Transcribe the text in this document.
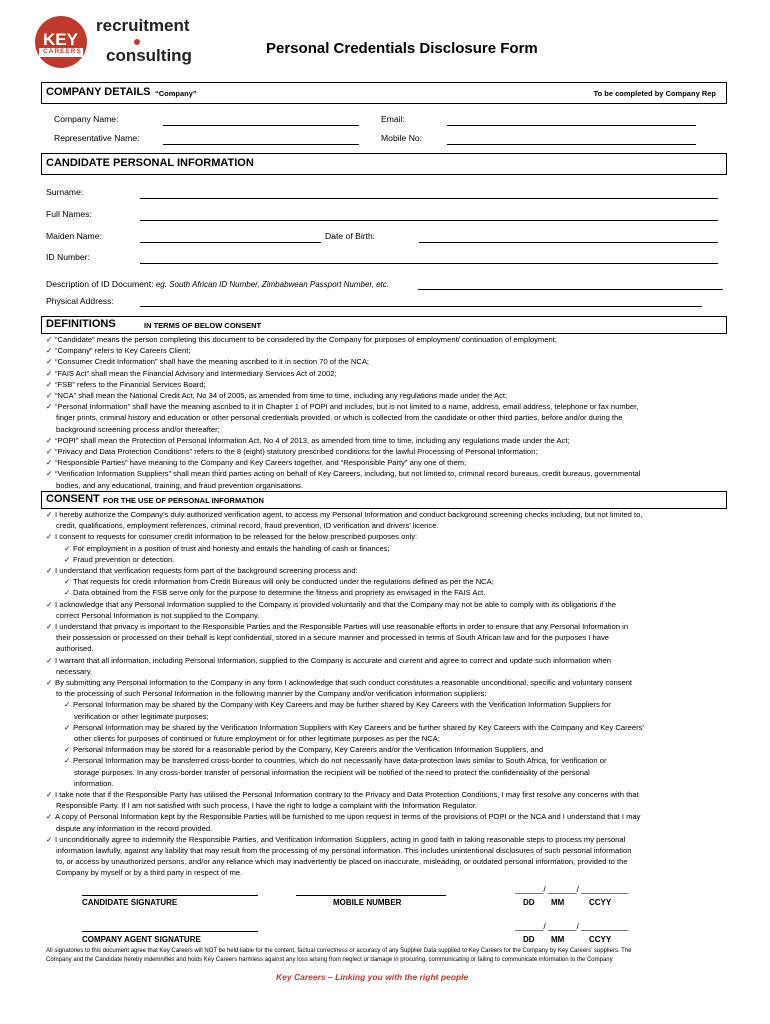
KEY
CAREERS
recruitment
consulting	Personal Credentials Disclosure Form
COMPANY DETAILS “Company”	To be completed by Company Rep
Company Name:	Email:
Representative Name:	Mobile No:
CANDIDATE PERSONAL INFORMATION
Surname:
Full Names:
Maiden Name:	Date of Birth:
ID Number:
Description of ID Document: eg. South African ID Number, Zimbabwean Passport Number, etc.
Physical Address:
DEFINITIONS	IN TERMS OF BELOW CONSENT
✓ “Candidate” means the person completing this document to be considered by the Company for purposes of employment/ continuation of employment;
✓ “Company” refers to Key Careers Client;
✓ “Consumer Credit Information” shall have the meaning ascribed to it in section 70 of the NCA;
✓ “FAIS Act” shall mean the Financial Advisory and Intermediary Services Act of 2002;
✓ “FSB” refers to the Financial Services Board;
✓ “NCA” shall mean the National Credit Act, No 34 of 2005, as amended from time to time, including any regulations made under the Act;
✓ “Personal Information” shall have the meaning ascribed to it in Chapter 1 of POPI and includes, but is not limited to a name, address, email address, telephone or fax number,
finger prints, criminal history and education or other personal credentials provided, or which is collected from the candidate or other third parties, before and/or during the
background screening process and/or thereafter;
✓ “POPI” shall mean the Protection of Personal Information Act, No 4 of 2013, as amended from time to time, including any regulations made under the Act;
✓ “Privacy and Data Protection Conditions” refers to the 8 (eight) statutory prescribed conditions for the lawful Processing of Personal Information;
✓ “Responsible Parties” have meaning to the Company and Key Careers together, and “Responsible Party” any one of them;
✓ “Verification Information Suppliers” shall mean third parties acting on behalf of Key Careers, including, but not limited to, criminal record bureaus, credit bureaus, governmental
bodies, and any educational, training, and fraud prevention organisations.
CONSENT FOR THE USE OF PERSONAL INFORMATION
✓ I hereby authorize the Company’s duly authorized verification agent, to access my Personal Information and conduct background screening checks including, but not limited to,
credit, qualifications, employment references, criminal record, fraud prevention, ID verification and drivers’ licence.
✓ I consent to requests for consumer credit information to be released for the below prescribed purposes only:
✓ For employment in a position of trust and honesty and entails the handling of cash or finances;
✓ Fraud prevention or detection.
✓ I understand that verification requests form part of the background screening process and:
✓ That requests for credit information from Credit Bureaus will only be conducted under the regulations defined as per the NCA;
✓ Data obtained from the FSB serve only for the purpose to determine the fitness and propriety as envisaged in the FAIS Act.
✓ I acknowledge that any Personal Information supplied to the Company is provided voluntarily and that the Company may not be able to comply with its obligations if the
correct Personal Information is not supplied to the Company.
✓ I understand that privacy is important to the Responsible Parties and the Responsible Parties will use reasonable efforts in order to ensure that any Personal Information in
their possession or processed on their behalf is kept confidential, stored in a secure manner and processed in terms of South African law and for the purposes I have
authorised.
✓ I warrant that all information, including Personal Information, supplied to the Company is accurate and current and agree to correct and update such information when
necessary.
✓ By submitting any Personal Information to the Company in any form I acknowledge that such conduct constitutes a reasonable unconditional, specific and voluntary consent
to the processing of such Personal Information in the following manner by the Company and/or verification information suppliers:
✓ Personal Information may be shared by the Company with Key Careers and may be further shared by Key Careers with the Verification Information Suppliers for
verification or other legitimate purposes;
✓ Personal Information may be shared by the Verification Information Suppliers with Key Careers and be further shared by Key Careers with the Company and Key Careers’
other clients for purposes of continued or future employment or for other legitimate purposes as per the NCA;
✓ Personal Information may be stored for a reasonable period by the Company, Key Careers and/or the Verification Information Suppliers, and
✓ Personal Information may be transferred cross-border to countries, which do not necessarily have data-protection laws similar to South Africa, for verification or
storage purposes. In any cross-border transfer of personal information the recipient will be notified of the need to protect the confidentiality of the personal
information.
✓ I take note that if the Responsible Party has utilised the Personal Information contrary to the Privacy and Data Protection Conditions, I may first resolve any concerns with that
Responsible Party. If I am not satisfied with such process, I have the right to lodge a complaint with the Information Regulator.
✓ A copy of Personal Information kept by the Responsible Parties will be furnished to me upon request in terms of the provisions of POPI or the NCA and I understand that I may
dispute any information in the record provided.
✓ I unconditionally agree to indemnify the Responsible Parties, and Verification Information Suppliers, acting in good faith in taking reasonable steps to process my personal
information lawfully, against any liability that may result from the processing of my personal information. This includes unintentional disclosures of such personal information
to, or access by unauthorized persons, and/or any reliance which may inadvertently be placed on inaccurate, misleading, or outdated personal information, provided to the
Company by myself or by a third party in respect of me.
CANDIDATE SIGNATURE	MOBILE NUMBER
______/ ______/ __________
DD MM	CCYY
COMPANY AGENT SIGNATURE
______/ ______/ __________
DD MM	CCYY
All signatories to this document agree that Key Careers will NOT be held liable for the content, factual correctness or accuracy of any Supplier Data supplied to Key Careers for the Company by Key Careers’ suppliers. The
Company and the Candidate hereby indemnifies and holds Key Careers harmless against any loss arising from neglect or damage in procuring, communicating or failing to communicate information to the Company
Key Careers – Linking you with the right people
